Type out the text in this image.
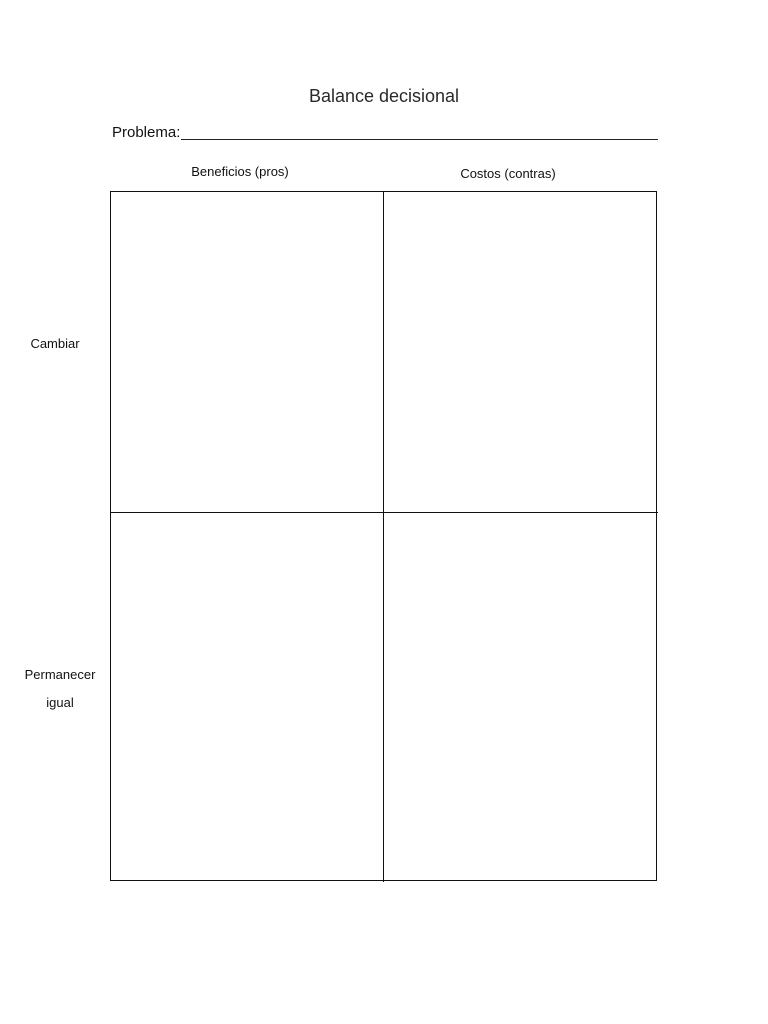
Balance decisional
Problema:
Beneficios (pros)	Costos (contras)
Cambiar
Permanecer
igual
